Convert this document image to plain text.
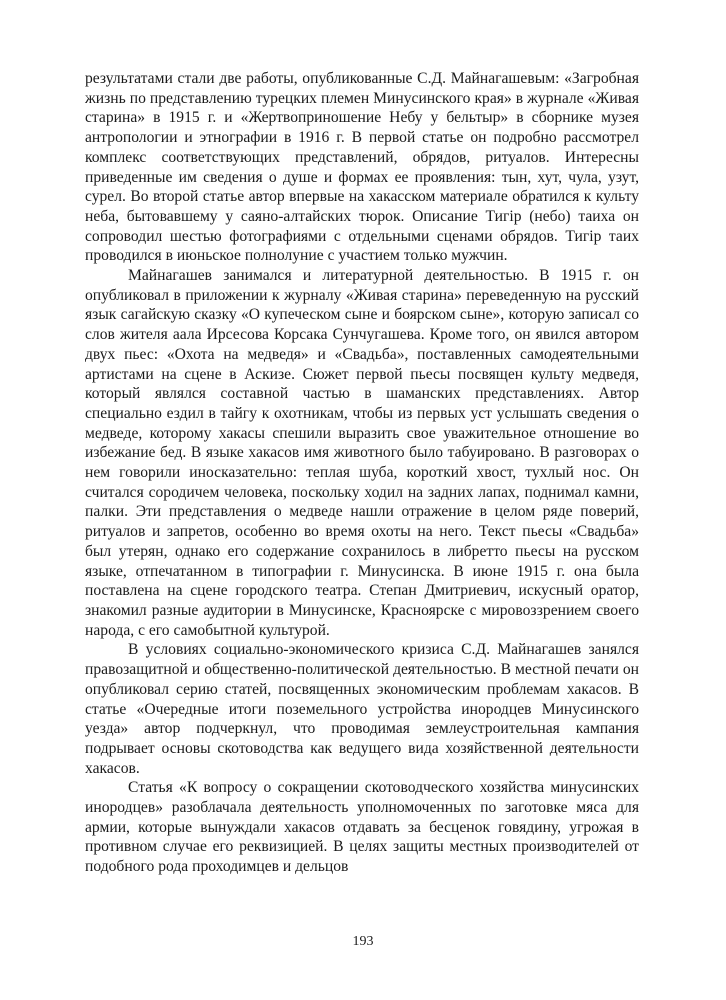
результатами стали две работы, опубликованные С.Д. Майнагашевым: «Загробная жизнь по представлению турецких племен Минусинского края» в журнале «Живая старина» в 1915 г. и «Жертвоприношение Небу у бельтыр» в сборнике музея антропологии и этнографии в 1916 г. В первой статье он подробно рассмотрел комплекс соответствующих представлений, обрядов, ритуалов. Интересны приведенные им сведения о душе и формах ее проявления: тын, хут, чула, узут, сурел. Во второй статье автор впервые на хакасском материале обратился к культу неба, бытовавшему у саяно-алтайских тюрок. Описание Тигір (небо) таиха он сопроводил шестью фотографиями с отдельными сценами обрядов. Тигір таих проводился в июньское полнолуние с участием только мужчин.

Майнагашев занимался и литературной деятельностью. В 1915 г. он опубликовал в приложении к журналу «Живая старина» переведенную на русский язык сагайскую сказку «О купеческом сыне и боярском сыне», которую записал со слов жителя аала Ирсесова Корсака Сунчугашева. Кроме того, он явился автором двух пьес: «Охота на медведя» и «Свадьба», поставленных самодеятельными артистами на сцене в Аскизе. Сюжет первой пьесы посвящен культу медведя, который являлся составной частью в шаманских представлениях. Автор специально ездил в тайгу к охотникам, чтобы из первых уст услышать сведения о медведе, которому хакасы спешили выразить свое уважительное отношение во избежание бед. В языке хакасов имя животного было табуировано. В разговорах о нем говорили иносказательно: теплая шуба, короткий хвост, тухлый нос. Он считался сородичем человека, поскольку ходил на задних лапах, поднимал камни, палки. Эти представления о медведе нашли отражение в целом ряде поверий, ритуалов и запретов, особенно во время охоты на него. Текст пьесы «Свадьба» был утерян, однако его содержание сохранилось в либретто пьесы на русском языке, отпечатанном в типографии г. Минусинска. В июне 1915 г. она была поставлена на сцене городского театра. Степан Дмитриевич, искусный оратор, знакомил разные аудитории в Минусинске, Красноярске с мировоззрением своего народа, с его самобытной культурой.

В условиях социально-экономического кризиса С.Д. Майнагашев занялся правозащитной и общественно-политической деятельностью. В местной печати он опубликовал серию статей, посвященных экономическим проблемам хакасов. В статье «Очередные итоги поземельного устройства инородцев Минусинского уезда» автор подчеркнул, что проводимая землеустроительная кампания подрывает основы скотоводства как ведущего вида хозяйственной деятельности хакасов.

Статья «К вопросу о сокращении скотоводческого хозяйства минусинских инородцев» разоблачала деятельность уполномоченных по заготовке мяса для армии, которые вынуждали хакасов отдавать за бесценок говядину, угрожая в противном случае его реквизицией. В целях защиты местных производителей от подобного рода проходимцев и дельцов

193
